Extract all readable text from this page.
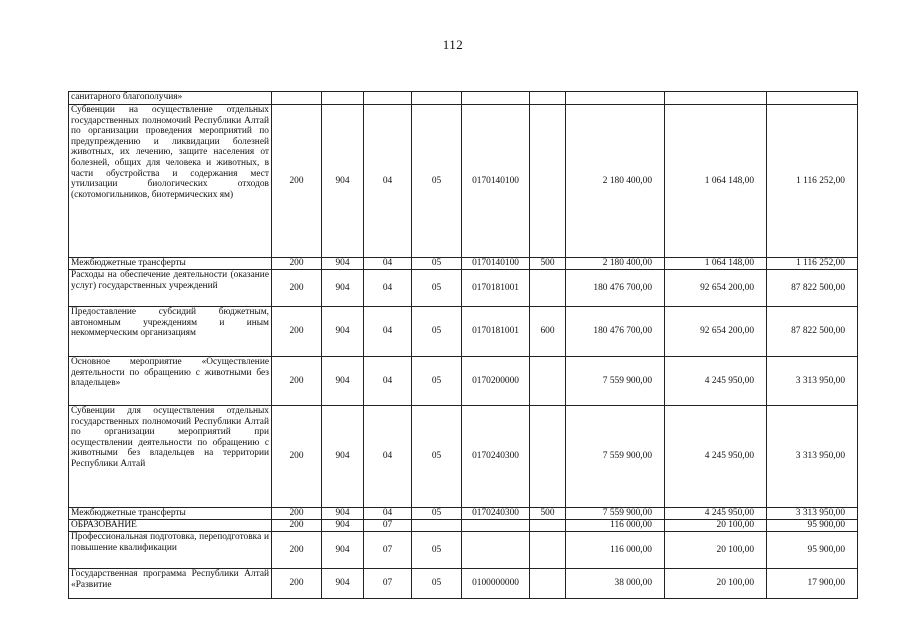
112
санитарного благополучия»									
Субвенции на осуществление отдельных государственных полномочий Республики Алтай по организации проведения мероприятий по предупреждению и ликвидации болезней животных, их лечению, защите населения от болезней, общих для человека и животных, в части обустройства и содержания мест утилизации биологических отходов (скотомогильников, биотермических ям)	200	904	04	05	0170140100		2 180 400,00	1 064 148,00	1 116 252,00
Межбюджетные трансферты	200	904	04	05	0170140100	500	2 180 400,00	1 064 148,00	1 116 252,00
Расходы на обеспечение деятельности (оказание услуг) государственных учреждений	200	904	04	05	0170181001		180 476 700,00	92 654 200,00	87 822 500,00
Предоставление субсидий бюджетным, автономным учреждениям и иным некоммерческим организациям	200	904	04	05	0170181001	600	180 476 700,00	92 654 200,00	87 822 500,00
Основное мероприятие «Осуществление деятельности по обращению с животными без владельцев»	200	904	04	05	0170200000		7 559 900,00	4 245 950,00	3 313 950,00
Субвенции для осуществления отдельных государственных полномочий Республики Алтай по организации мероприятий при осуществлении деятельности по обращению с животными без владельцев на территории Республики Алтай	200	904	04	05	0170240300		7 559 900,00	4 245 950,00	3 313 950,00
Межбюджетные трансферты	200	904	04	05	0170240300	500	7 559 900,00	4 245 950,00	3 313 950,00
ОБРАЗОВАНИЕ	200	904	07				116 000,00	20 100,00	95 900,00
Профессиональная подготовка, переподготовка и повышение квалификации	200	904	07	05			116 000,00	20 100,00	95 900,00
Государственная программа Республики Алтай «Развитие	200	904	07	05	0100000000		38 000,00	20 100,00	17 900,00
